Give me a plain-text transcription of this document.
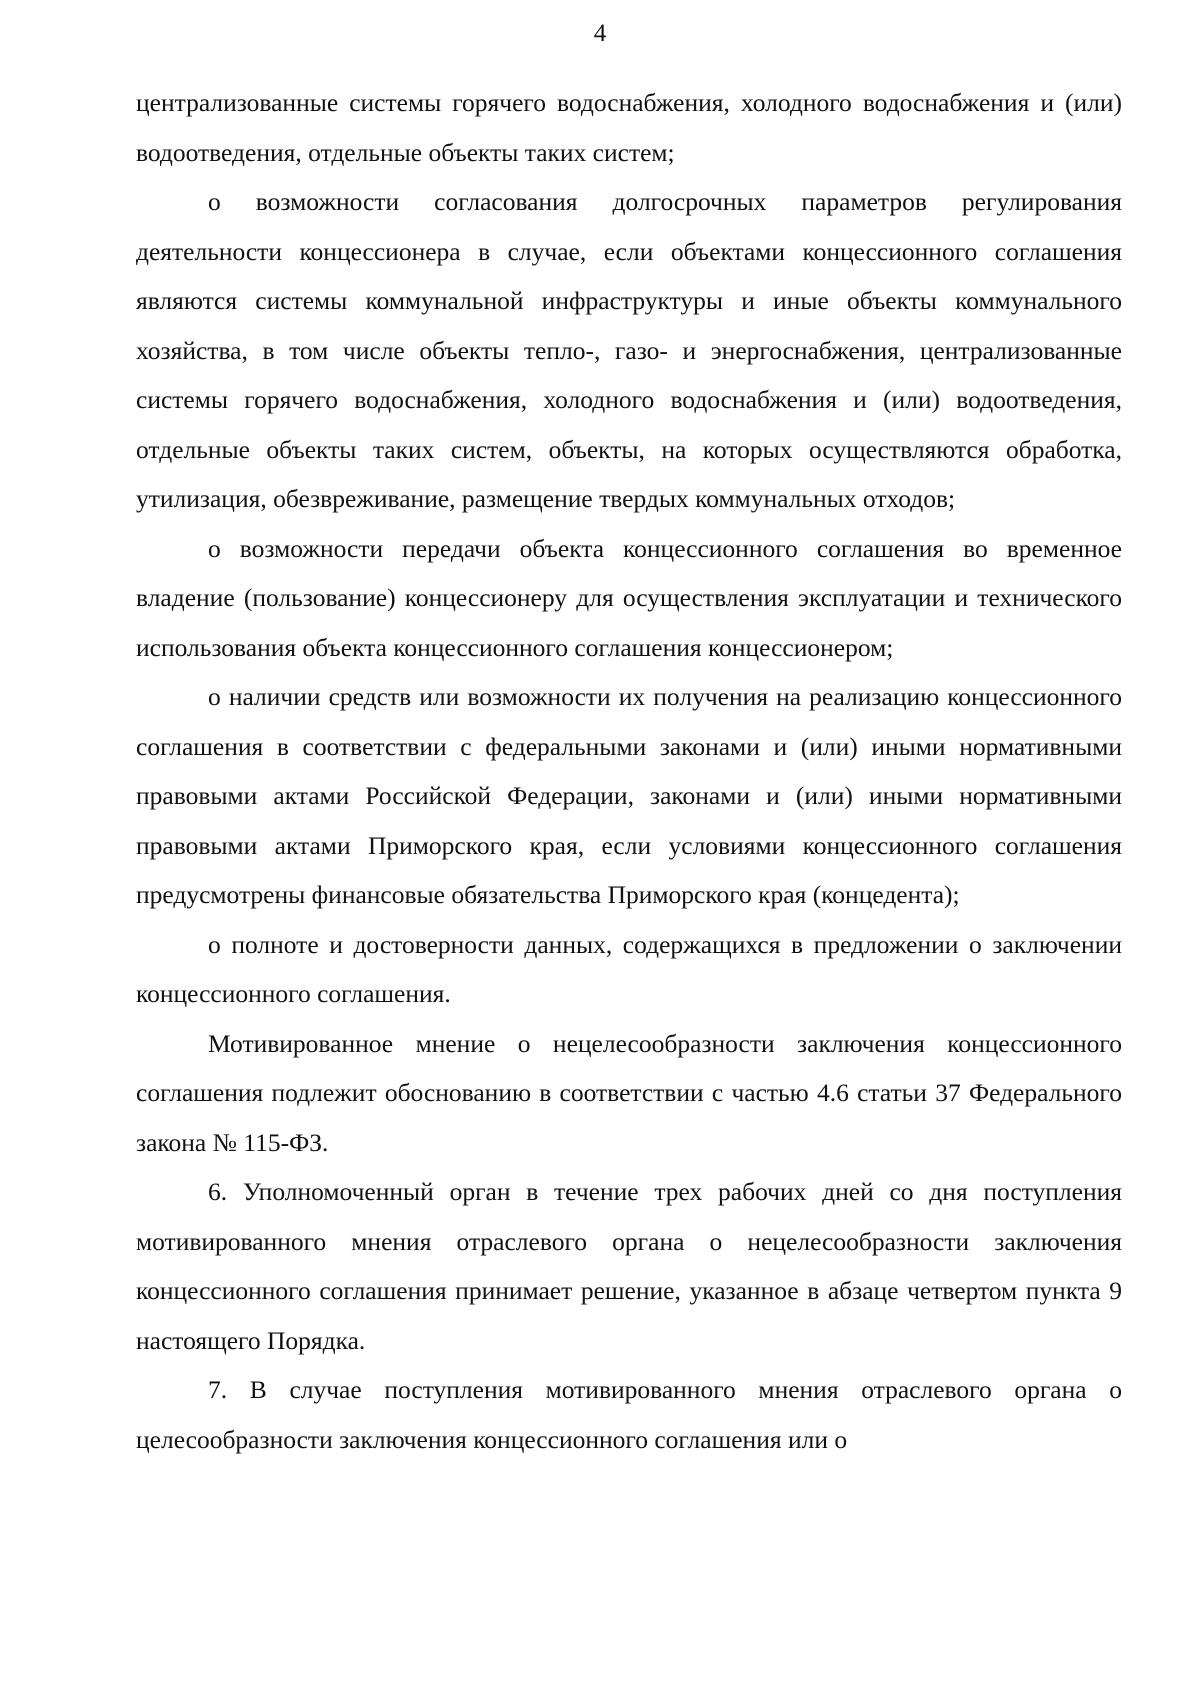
4

централизованные системы горячего водоснабжения, холодного водоснабжения и (или) водоотведения, отдельные объекты таких систем;

о возможности согласования долгосрочных параметров регулирования деятельности концессионера в случае, если объектами концессионного соглашения являются системы коммунальной инфраструктуры и иные объекты коммунального хозяйства, в том числе объекты тепло-, газо- и энергоснабжения, централизованные системы горячего водоснабжения, холодного водоснабжения и (или) водоотведения, отдельные объекты таких систем, объекты, на которых осуществляются обработка, утилизация, обезвреживание, размещение твердых коммунальных отходов;

о возможности передачи объекта концессионного соглашения во временное владение (пользование) концессионеру для осуществления эксплуатации и технического использования объекта концессионного соглашения концессионером;

о наличии средств или возможности их получения на реализацию концессионного соглашения в соответствии с федеральными законами и (или) иными нормативными правовыми актами Российской Федерации, законами и (или) иными нормативными правовыми актами Приморского края, если условиями концессионного соглашения предусмотрены финансовые обязательства Приморского края (концедента);

о полноте и достоверности данных, содержащихся в предложении о заключении концессионного соглашения.

Мотивированное мнение о нецелесообразности заключения концессионного соглашения подлежит обоснованию в соответствии с частью 4.6 статьи 37 Федерального закона № 115-ФЗ.

6. Уполномоченный орган в течение трех рабочих дней со дня поступления мотивированного мнения отраслевого органа о нецелесообразности заключения концессионного соглашения принимает решение, указанное в абзаце четвертом пункта 9 настоящего Порядка.

7. В случае поступления мотивированного мнения отраслевого органа о целесообразности заключения концессионного соглашения или о
